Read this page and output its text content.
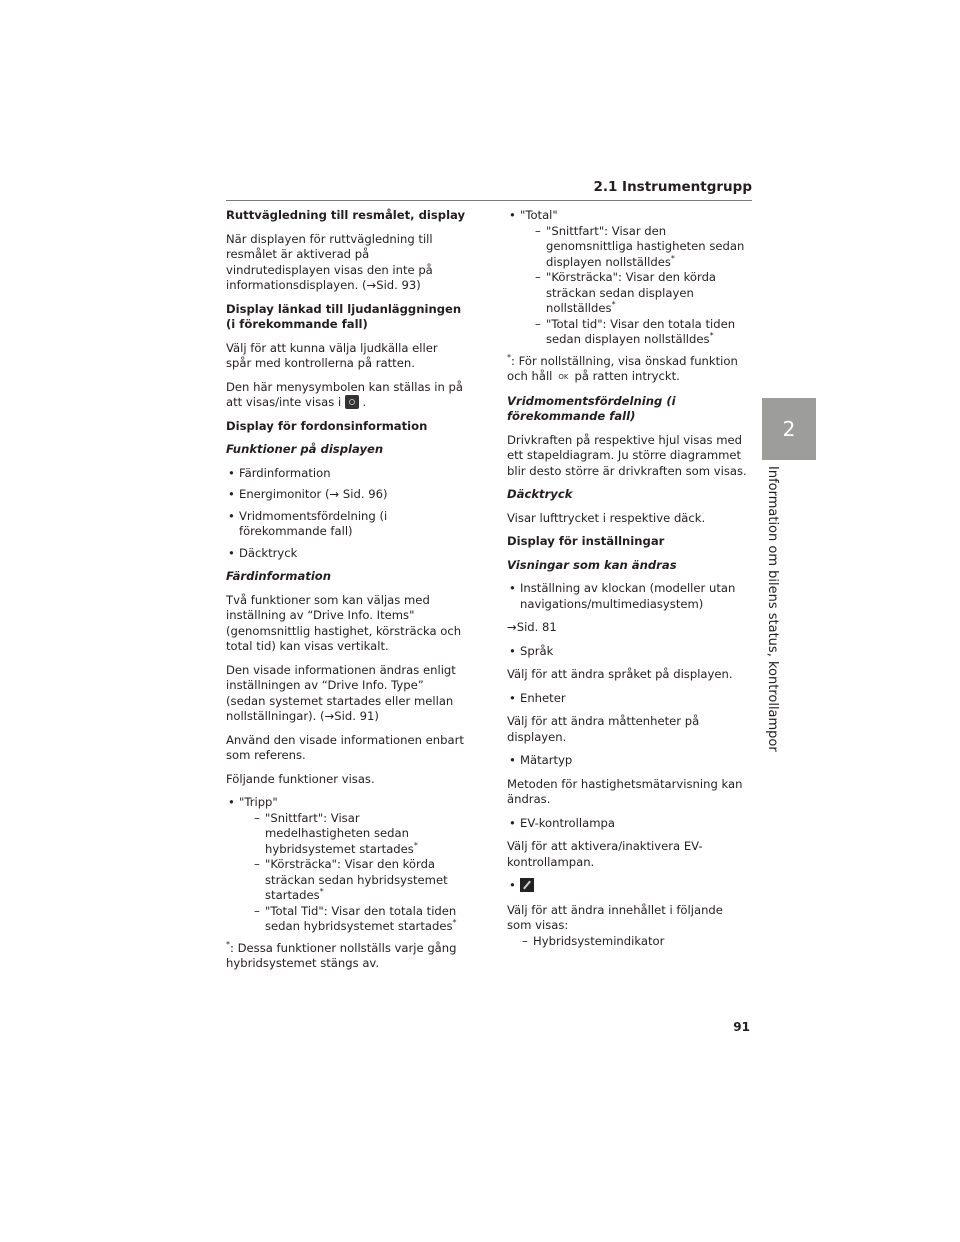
2.1 Instrumentgrupp
2
Information om bilens status, kontrollampor
Ruttvägledning till resmålet, display

När displayen för ruttvägledning till resmålet är aktiverad på vindrutedisplayen visas den inte på informationsdisplayen. (→Sid. 93)

Display länkad till ljudanläggningen (i förekommande fall)

Välj för att kunna välja ljudkälla eller spår med kontrollerna på ratten.

Den här menysymbolen kan ställas in på att visas/inte visas i .

Display för fordonsinformation
Funktioner på displayen
• Färdinformation
• Energimonitor (→ Sid. 96)
• Vridmomentsfördelning (i förekommande fall)
• Däcktryck
Färdinformation

Två funktioner som kan väljas med inställning av “Drive Info. Items" (genomsnittlig hastighet, körsträcka och total tid) kan visas vertikalt.

Den visade informationen ändras enligt inställningen av “Drive Info. Type” (sedan systemet startades eller mellan nollställningar). (→Sid. 91)

Använd den visade informationen enbart som referens.

Följande funktioner visas.

• "Tripp"
– "Snittfart": Visar medelhastigheten sedan hybridsystemet startades*
– "Körsträcka": Visar den körda sträckan sedan hybridsystemet startades*
– "Total Tid": Visar den totala tiden sedan hybridsystemet startades*

*: Dessa funktioner nollställs varje gång hybridsystemet stängs av.

• "Total"
– "Snittfart": Visar den genomsnittliga hastigheten sedan displayen nollställdes*
– "Körsträcka": Visar den körda sträckan sedan displayen nollställdes*
– "Total tid": Visar den totala tiden sedan displayen nollställdes*

*: För nollställning, visa önskad funktion och håll OK på ratten intryckt.

Vridmomentsfördelning (i förekommande fall)

Drivkraften på respektive hjul visas med ett stapeldiagram. Ju större diagrammet blir desto större är drivkraften som visas.

Däcktryck

Visar lufttrycket i respektive däck.

Display för inställningar
Visningar som kan ändras
• Inställning av klockan (modeller utan navigations/multimediasystem)

→Sid. 81

• Språk

Välj för att ändra språket på displayen.

• Enheter

Välj för att ändra måttenheter på displayen.

• Mätartyp

Metoden för hastighetsmätarvisning kan ändras.

• EV-kontrollampa

Välj för att aktivera/inaktivera EV-kontrollampan.

•

Välj för att ändra innehållet i följande som visas:

– Hybridsystemindikator
91
